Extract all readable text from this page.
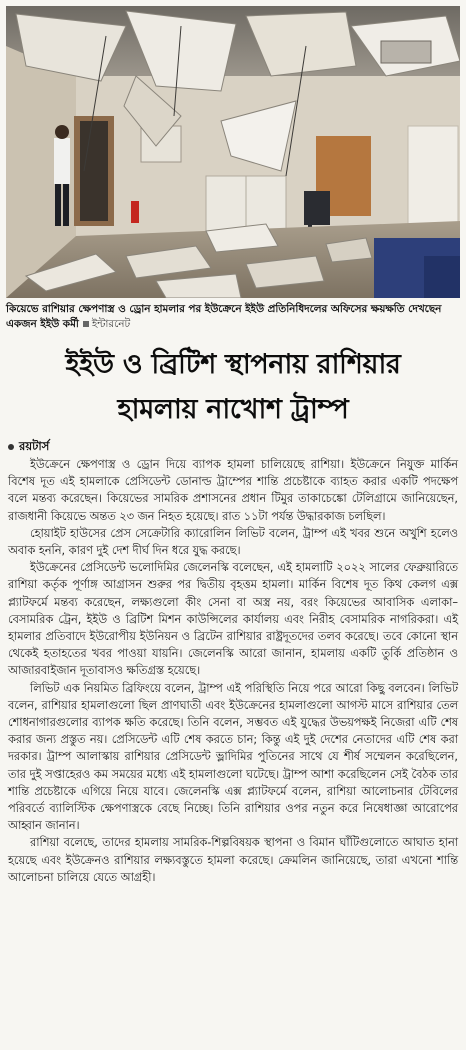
কিয়েভে রাশিয়ার ক্ষেপণাস্ত্র ও ড্রোন হামলার পর ইউক্রেনে ইইউ প্রতিনিধিদলের অফিসের ক্ষয়ক্ষতি দেখছেন একজন ইইউ কর্মী ইন্টারনেট
ইইউ ও ব্রিটিশ স্থাপনায় রাশিয়ার
হামলায় নাখোশ ট্রাম্প
রয়টার্স

ইউক্রেনে ক্ষেপণাস্ত্র ও ড্রোন দিয়ে ব্যাপক হামলা চালিয়েছে রাশিয়া। ইউক্রেনে নিযুক্ত মার্কিন বিশেষ দূত এই হামলাকে প্রেসিডেন্ট ডোনাল্ড ট্রাম্পের শান্তি প্রচেষ্টাকে ব্যাহত করার একটি পদক্ষেপ বলে মন্তব্য করেছেন। কিয়েভের সামরিক প্রশাসনের প্রধান টিমুর তাকাচেঙ্কো টেলিগ্রামে জানিয়েছেন, রাজধানী কিয়েভে অন্তত ২৩ জন নিহত হয়েছে। রাত ১১টা পর্যন্ত উদ্ধারকাজ চলছিল।

হোয়াইট হাউসের প্রেস সেক্রেটারি ক্যারোলিন লিভিট বলেন, ট্রাম্প এই খবর শুনে অখুশি হলেও অবাক হননি, কারণ দুই দেশ দীর্ঘ দিন ধরে যুদ্ধ করছে।

ইউক্রেনের প্রেসিডেন্ট ভলোদিমির জেলেনস্কি বলেছেন, এই হামলাটি ২০২২ সালের ফেব্রুয়ারিতে রাশিয়া কর্তৃক পূর্ণাঙ্গ আগ্রাসন শুরুর পর দ্বিতীয় বৃহত্তম হামলা। মার্কিন বিশেষ দূত কিথ কেলগ এক্স প্ল্যাটফর্মে মন্তব্য করেছেন, লক্ষ্যগুলো কীং সেনা বা অস্ত্র নয়, বরং কিয়েভের আবাসিক এলাকা– বেসামরিক ট্রেন, ইইউ ও ব্রিটিশ মিশন কাউন্সিলের কার্যালয় এবং নিরীহ বেসামরিক নাগরিকরা। এই হামলার প্রতিবাদে ইউরোপীয় ইউনিয়ন ও ব্রিটেন রাশিয়ার রাষ্ট্রদূতদের তলব করেছে। তবে কোনো স্থান থেকেই হতাহতের খবর পাওয়া যায়নি। জেলেনস্কি আরো জানান, হামলায় একটি তুর্কি প্রতিষ্ঠান ও আজারবাইজান দূতাবাসও ক্ষতিগ্রস্ত হয়েছে।

লিভিট এক নিয়মিত ব্রিফিংয়ে বলেন, ট্রাম্প এই পরিস্থিতি নিয়ে পরে আরো কিছু বলবেন। লিভিট বলেন, রাশিয়ার হামলাগুলো ছিল প্রাণঘাতী এবং ইউক্রেনের হামলাগুলো আগস্ট মাসে রাশিয়ার তেল শোধনাগারগুলোর ব্যাপক ক্ষতি করেছে। তিনি বলেন, সম্ভবত এই যুদ্ধের উভয়পক্ষই নিজেরা এটি শেষ করার জন্য প্রস্তুত নয়। প্রেসিডেন্ট এটি শেষ করতে চান; কিন্তু এই দুই দেশের নেতাদের এটি শেষ করা দরকার। ট্রাম্প আলাস্কায় রাশিয়ার প্রেসিডেন্ট ভ্লাদিমির পুতিনের সাথে যে শীর্ষ সম্মেলন করেছিলেন, তার দুই সপ্তাহেরও কম সময়ের মধ্যে এই হামলাগুলো ঘটেছে। ট্রাম্প আশা করেছিলেন সেই বৈঠক তার শান্তি প্রচেষ্টাকে এগিয়ে নিয়ে যাবে। জেলেনস্কি এক্স প্ল্যাটফর্মে বলেন, রাশিয়া আলোচনার টেবিলের পরিবর্তে ব্যালিস্টিক ক্ষেপণাস্ত্রকে বেছে নিচ্ছে। তিনি রাশিয়ার ওপর নতুন করে নিষেধাজ্ঞা আরোপের আহ্বান জানান।

রাশিয়া বলেছে, তাদের হামলায় সামরিক-শিল্পবিষয়ক স্থাপনা ও বিমান ঘাঁটিগুলোতে আঘাত হানা হয়েছে এবং ইউক্রেনও রাশিয়ার লক্ষ্যবস্তুতে হামলা করেছে। ক্রেমলিন জানিয়েছে, তারা এখনো শান্তি আলোচনা চালিয়ে যেতে আগ্রহী।
